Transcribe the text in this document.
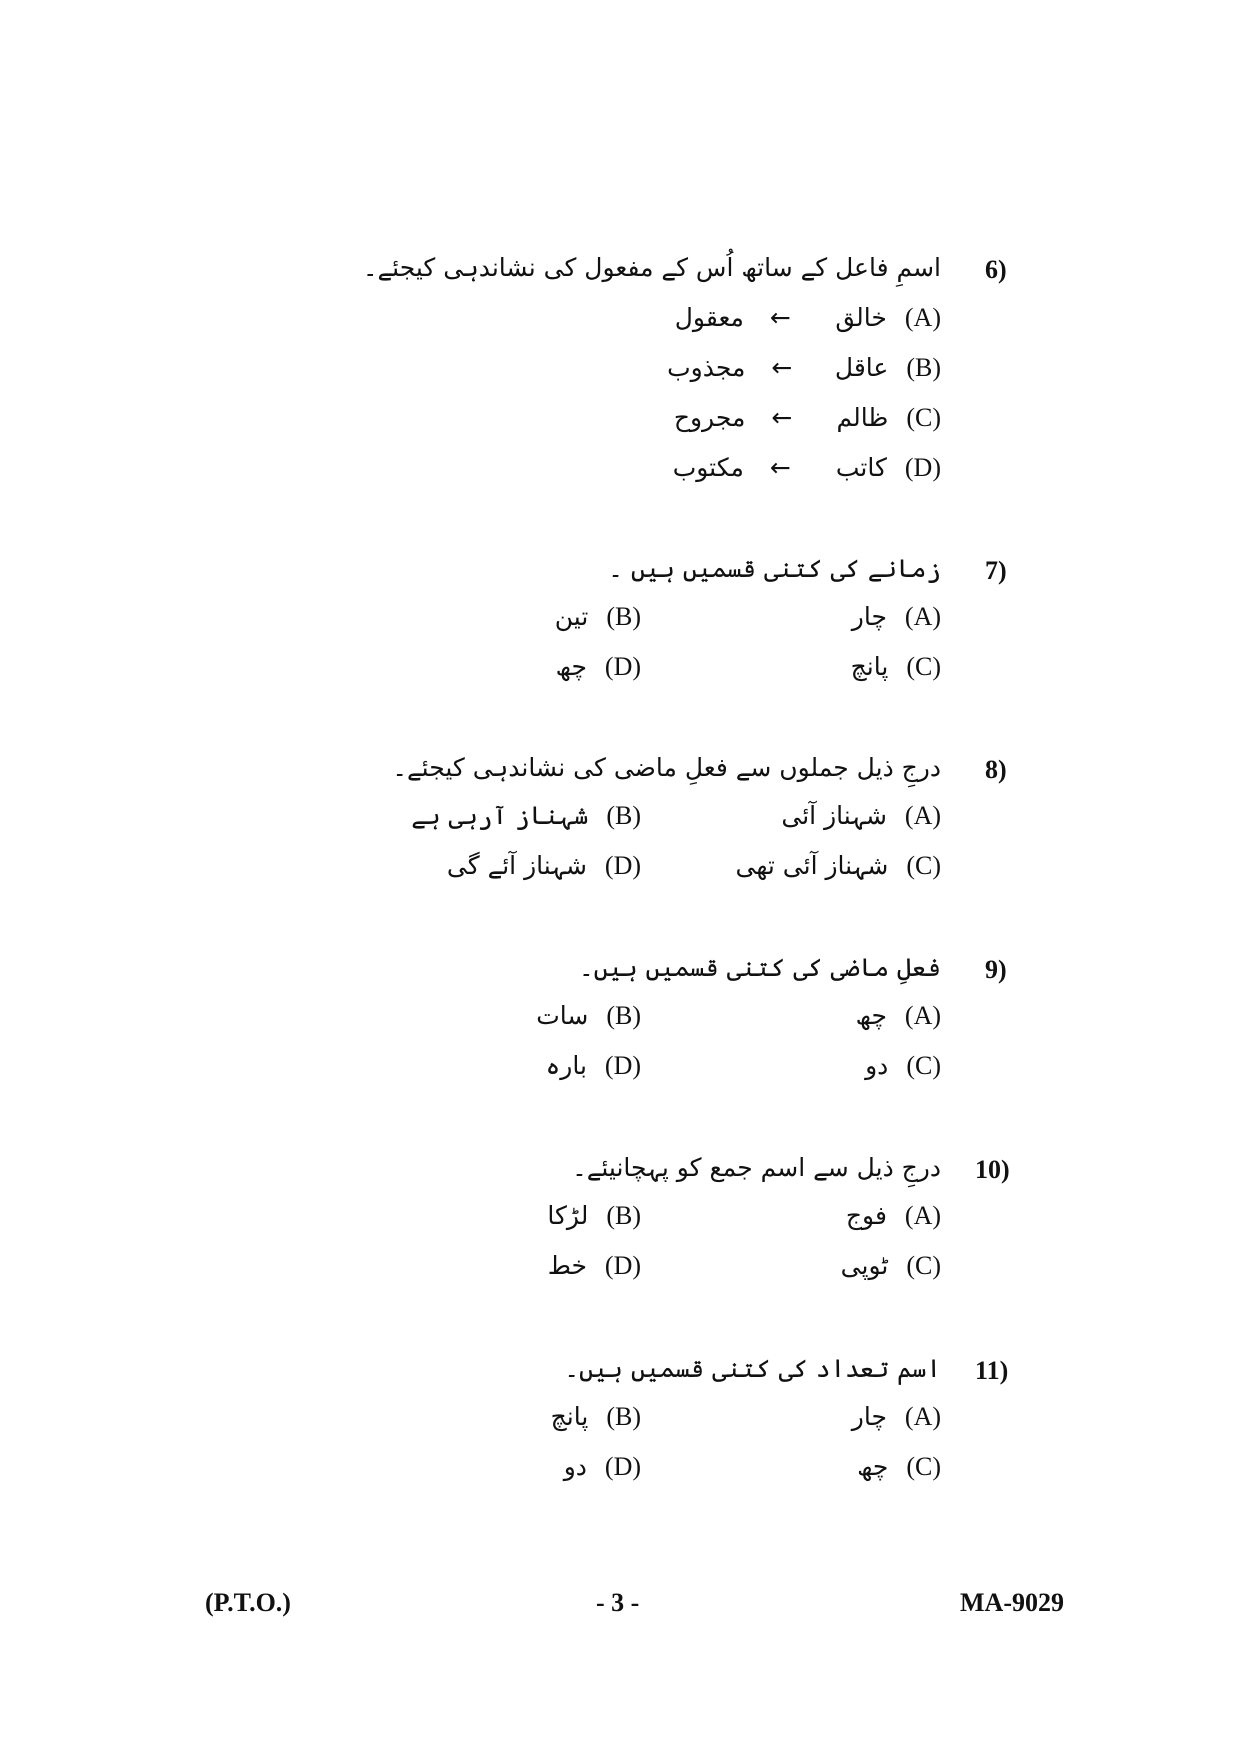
6)
اسمِ فاعل کے ساتھ اُس کے مفعول کی نشاندہی کیجئے۔
(A)خالق←معقول
(B)عاقل←مجذوب
(C)ظالم←مجروح
(D)کاتب←مکتوب
7)
زمانے کی کتنی قسمیں ہیں ۔
(A)چار
(B)تین
(C)پانچ
(D)چھ
8)
درجِ ذیل جملوں سے فعلِ ماضی کی نشاندہی کیجئے۔
(A)شہناز آئی
(B)شہناز آرہی ہے
(C)شہناز آئی تھی
(D)شہناز آئے گی
9)
فعلِ ماضی کی کتنی قسمیں ہیں۔
(A)چھ
(B)سات
(C)دو
(D)بارہ
10)
درجِ ذیل سے اسم جمع کو پہچانیئے۔
(A)فوج
(B)لڑکا
(C)ٹوپی
(D)خط
11)
اسم تعداد کی کتنی قسمیں ہیں۔
(A)چار
(B)پانچ
(C)چھ
(D)دو
(P.T.O.)	- 3 -	MA-9029
